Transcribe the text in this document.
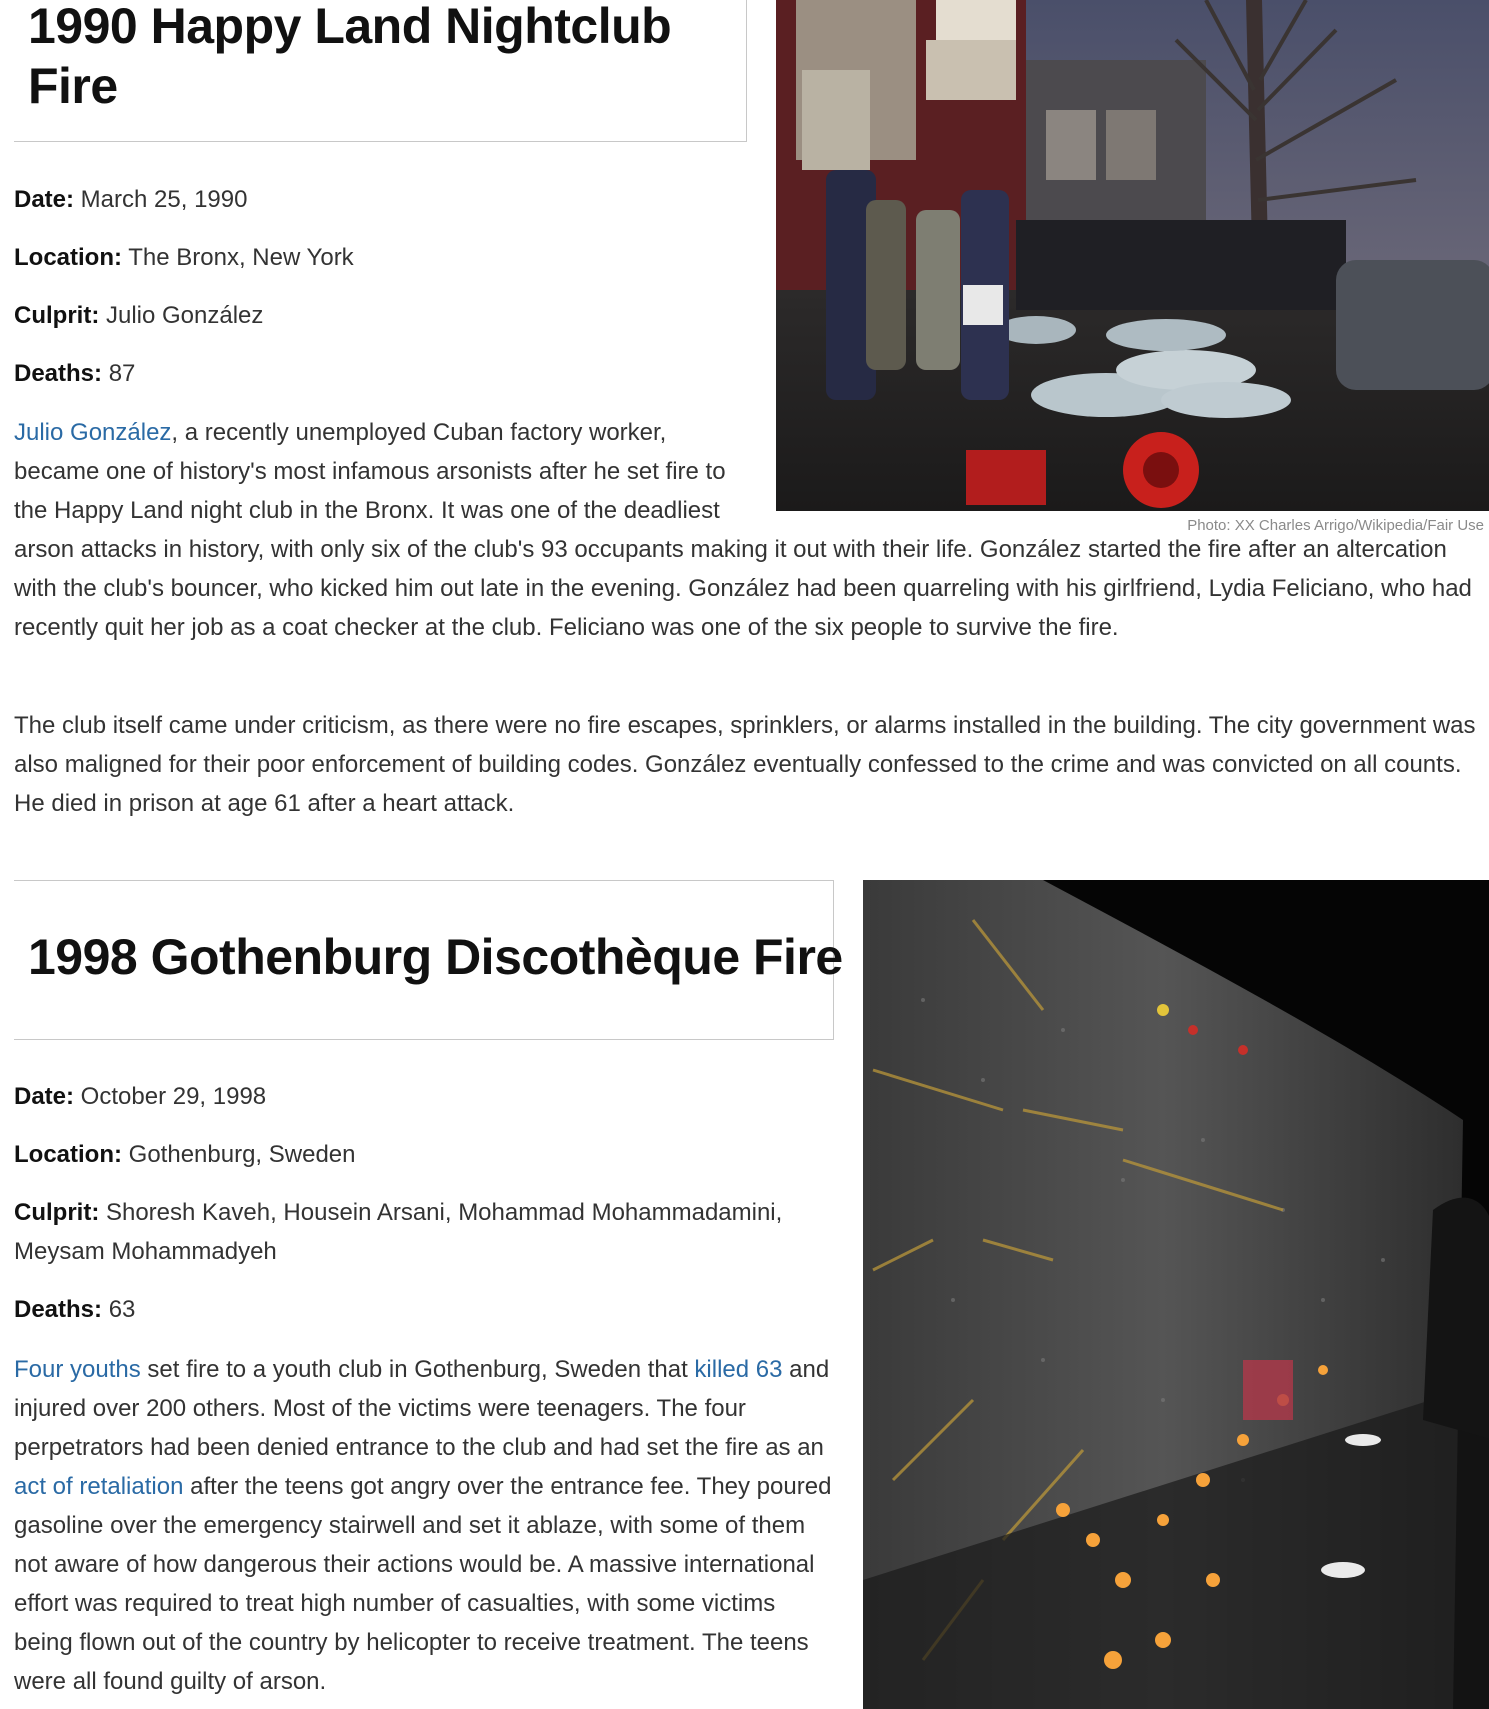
1990 Happy Land Nightclub Fire
Photo: XX Charles Arrigo/Wikipedia/Fair Use

Date: March 25, 1990

Location: The Bronx, New York

Culprit: Julio González

Deaths: 87

Julio González, a recently unemployed Cuban factory worker, became one of history's most infamous arsonists after he set fire to the Happy Land night club in the Bronx. It was one of the deadliest arson attacks in history, with only six of the club's 93 occupants making it out with their life. González started the fire after an altercation with the club's bouncer, who kicked him out late in the evening. González had been quarreling with his girlfriend, Lydia Feliciano, who had recently quit her job as a coat checker at the club. Feliciano was one of the six people to survive the fire.

The club itself came under criticism, as there were no fire escapes, sprinklers, or alarms installed in the building. The city government was also maligned for their poor enforcement of building codes. González eventually confessed to the crime and was convicted on all counts. He died in prison at age 61 after a heart attack.

1998 Gothenburg Discothèque Fire

Date: October 29, 1998

Location: Gothenburg, Sweden

Culprit: Shoresh Kaveh, Housein Arsani, Mohammad Mohammadamini, Meysam Mohammadyeh

Deaths: 63

Four youths set fire to a youth club in Gothenburg, Sweden that killed 63 and injured over 200 others. Most of the victims were teenagers. The four perpetrators had been denied entrance to the club and had set the fire as an act of retaliation after the teens got angry over the entrance fee. They poured gasoline over the emergency stairwell and set it ablaze, with some of them not aware of how dangerous their actions would be. A massive international effort was required to treat high number of casualties, with some victims being flown out of the country by helicopter to receive treatment. The teens were all found guilty of arson.
